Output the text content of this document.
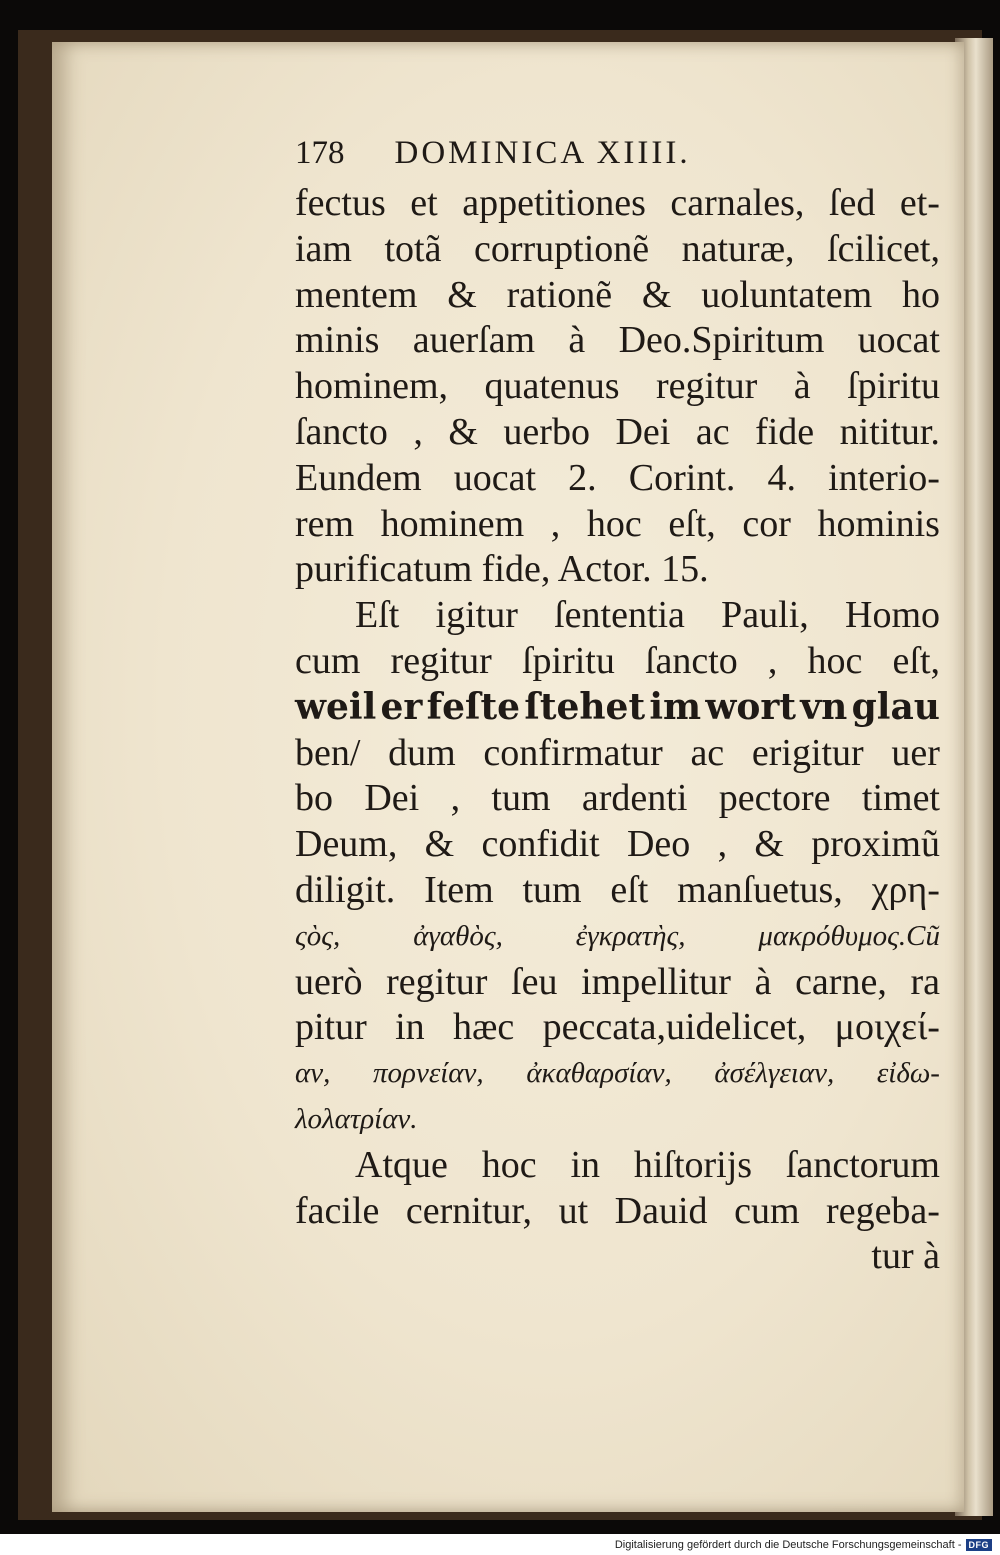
178 DOMINICA XIIII.
fectus et appetitiones carnales, ſed et-
iam totã corruptionẽ naturæ, ſcilicet,
mentem & rationẽ & uoluntatem ho
minis auerſam à Deo.Spiritum uocat
hominem, quatenus regitur à ſpiritu
ſancto , & uerbo Dei ac fide nititur.
Eundem uocat 2. Corint. 4. interio-
rem hominem , hoc eſt, cor hominis
purificatum fide, Actor. 15.
Eſt igitur ſententia Pauli, Homo
cum regitur ſpiritu ſancto , hoc eſt,
weil er feſte ſtehet im wort vn glau
ben/ dum confirmatur ac erigitur uer
bo Dei , tum ardenti pectore timet
Deum, & confidit Deo , & proximũ
diligit. Item tum eſt manſuetus, χρη-
ςὸς,	ἀγαθὸς,	ἐγκρατὴς,	μακρόθυμος.Cũ
uerò regitur ſeu impellitur à carne, ra
pitur in hæc peccata,uidelicet, μοιχεί-
αν, πορνείαν, ἀκαθαρσίαν, ἀσέλγειαν, εἰδω-
λολατρίαν.
Atque hoc in hiſtorijs ſanctorum
facile cernitur, ut Dauid cum regeba-
tur à
Digitalisierung gefördert durch die Deutsche Forschungsgemeinschaft - DFG
